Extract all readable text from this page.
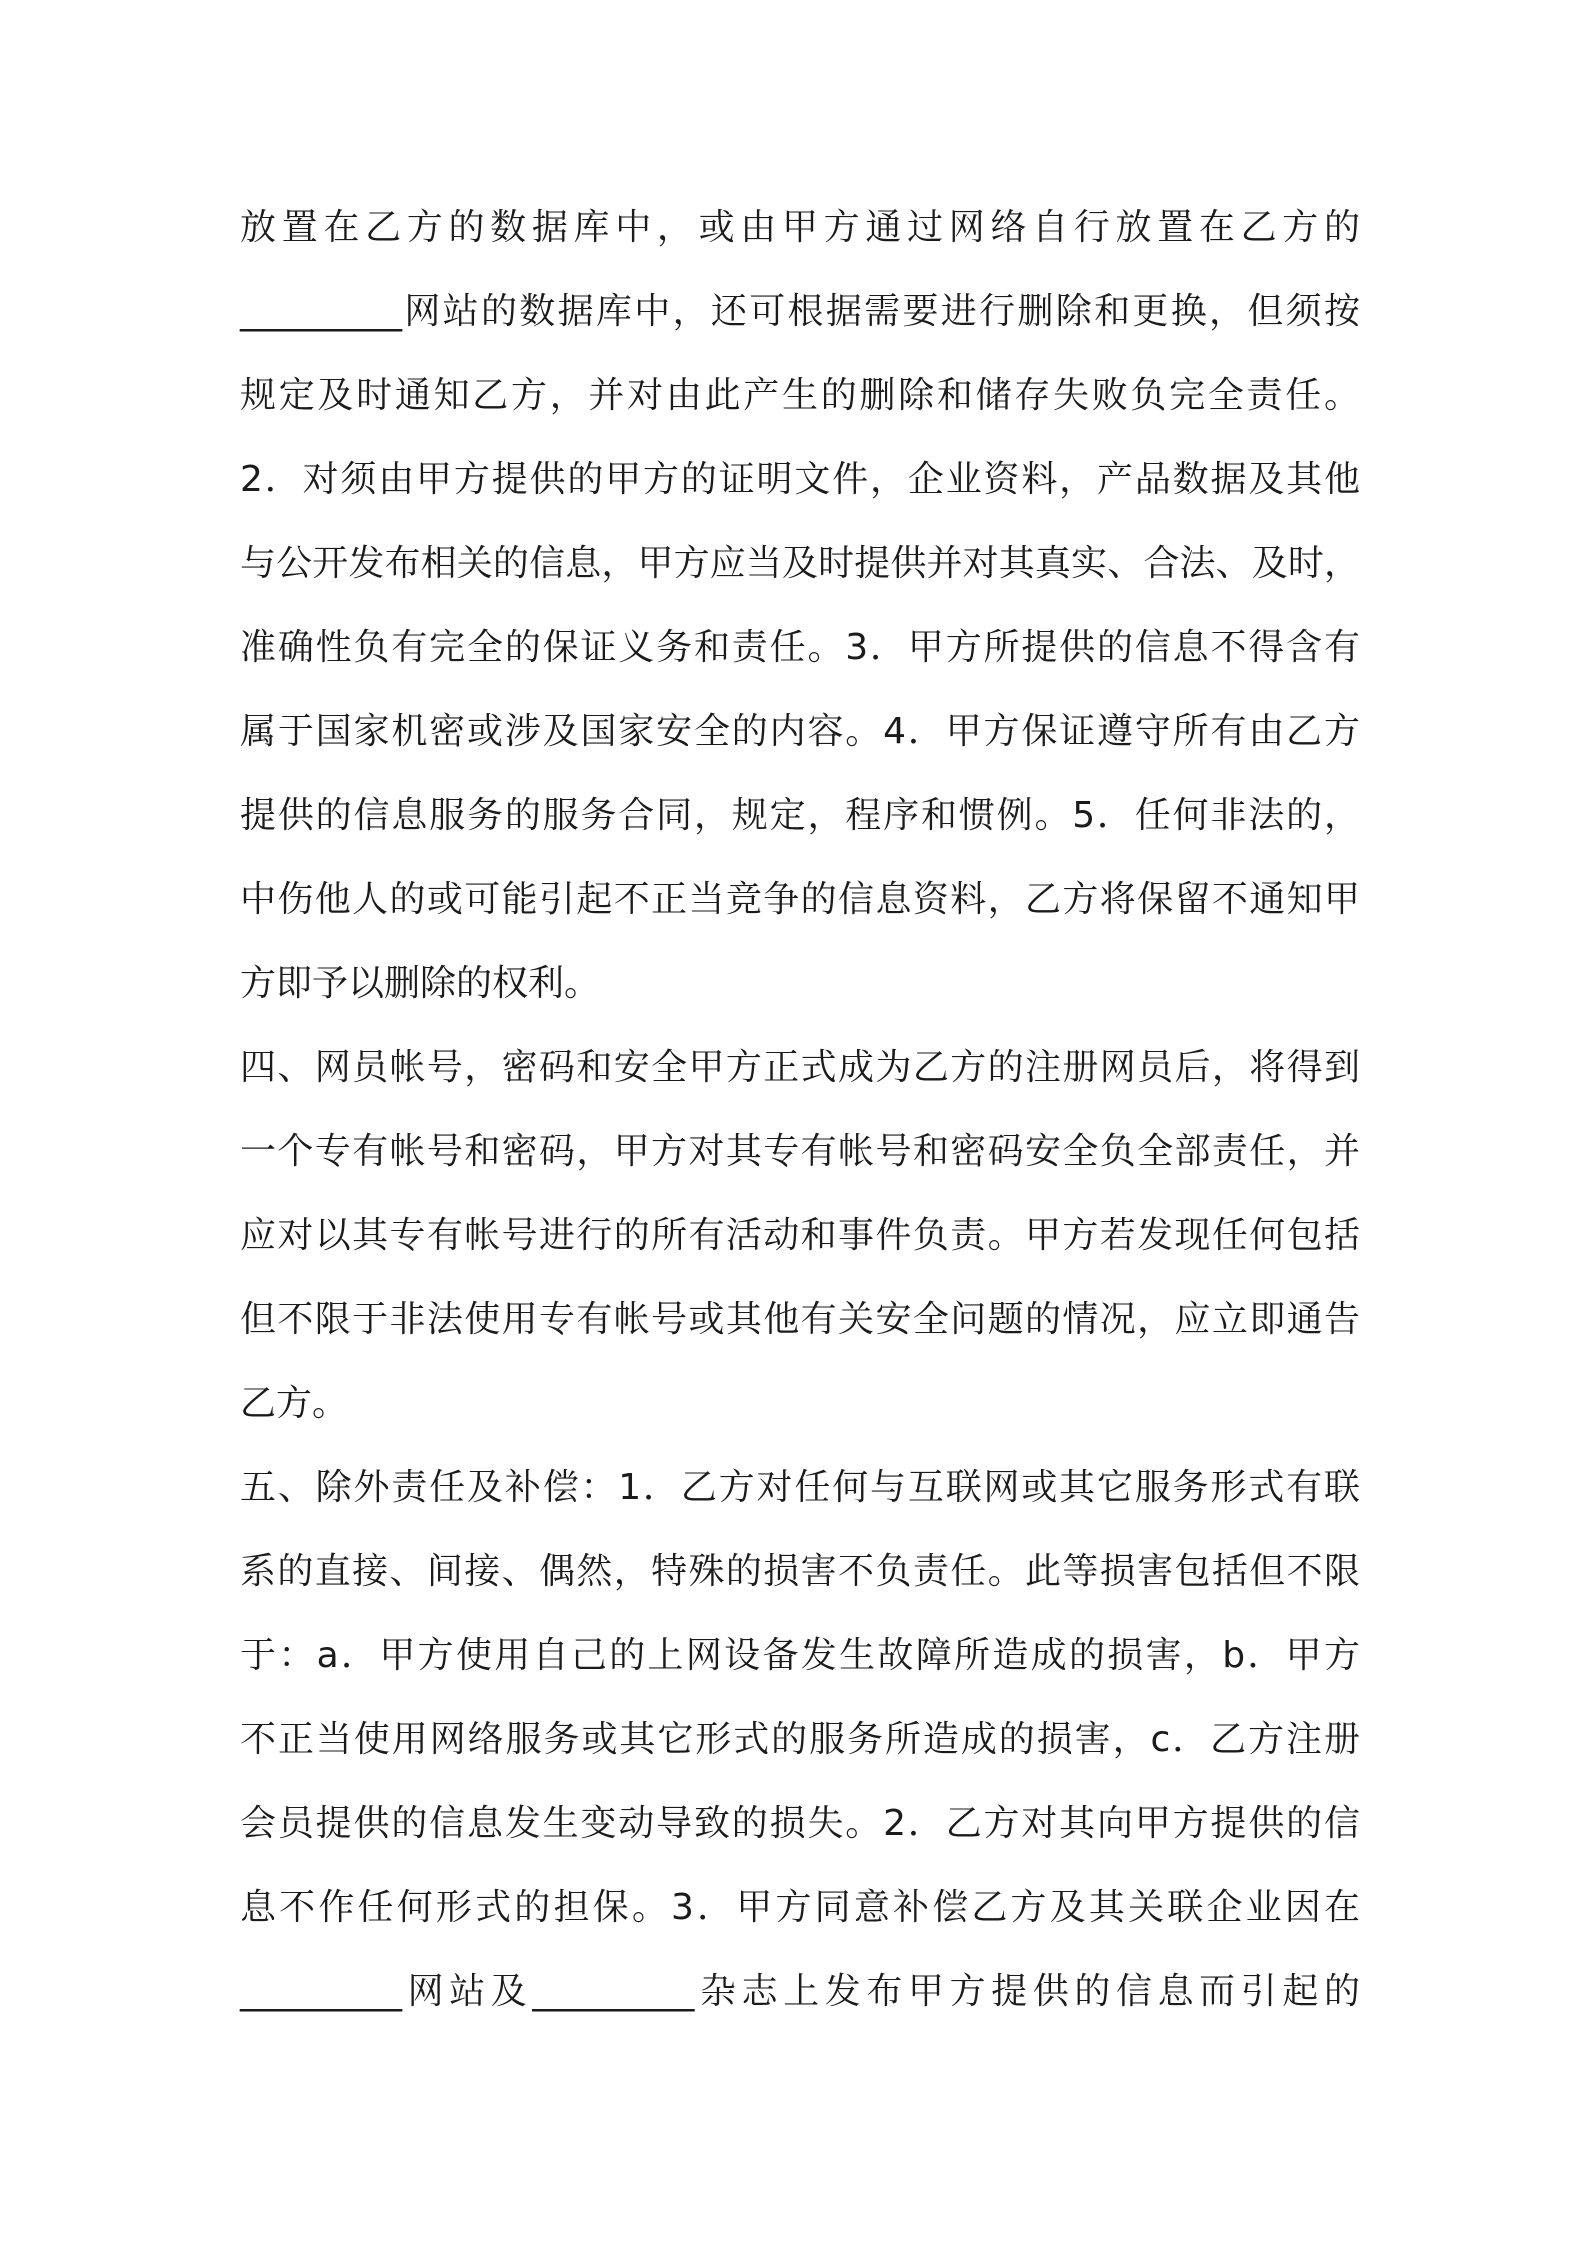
放置在乙方的数据库中，或由甲方通过网络自行放置在乙方的
_________网站的数据库中，还可根据需要进行删除和更换，但须按
规定及时通知乙方，并对由此产生的删除和储存失败负完全责任。
2．对须由甲方提供的甲方的证明文件，企业资料，产品数据及其他
与公开发布相关的信息，甲方应当及时提供并对其真实、合法、及时，
准确性负有完全的保证义务和责任。3．甲方所提供的信息不得含有
属于国家机密或涉及国家安全的内容。4．甲方保证遵守所有由乙方
提供的信息服务的服务合同，规定，程序和惯例。5．任何非法的，
中伤他人的或可能引起不正当竞争的信息资料，乙方将保留不通知甲
方即予以删除的权利。
四、网员帐号，密码和安全甲方正式成为乙方的注册网员后，将得到
一个专有帐号和密码，甲方对其专有帐号和密码安全负全部责任，并
应对以其专有帐号进行的所有活动和事件负责。甲方若发现任何包括
但不限于非法使用专有帐号或其他有关安全问题的情况，应立即通告
乙方。
五、除外责任及补偿：1．乙方对任何与互联网或其它服务形式有联
系的直接、间接、偶然，特殊的损害不负责任。此等损害包括但不限
于：a．甲方使用自己的上网设备发生故障所造成的损害，b．甲方
不正当使用网络服务或其它形式的服务所造成的损害，c．乙方注册
会员提供的信息发生变动导致的损失。2．乙方对其向甲方提供的信
息不作任何形式的担保。3．甲方同意补偿乙方及其关联企业因在
_________网站及_________杂志上发布甲方提供的信息而引起的
